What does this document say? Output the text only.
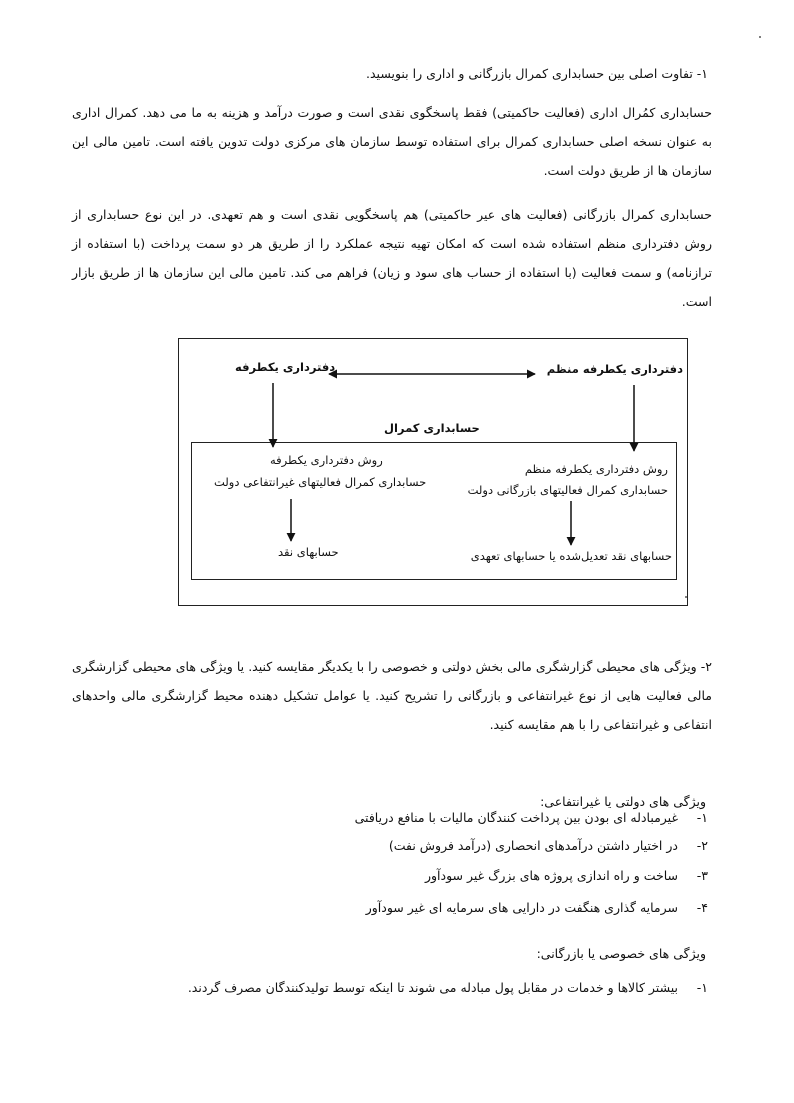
۱- تفاوت اصلی بین حسابداری کمرال بازرگانی و اداری را بنویسید.
حسابداری کمُرال اداری (فعالیت حاکمیتی) فقط پاسخگوی نقدی است و صورت درآمد و هزینه به ما می دهد. کمرال اداری به عنوان نسخه اصلی حسابداری کمرال برای استفاده توسط سازمان های مرکزی دولت تدوین یافته است. تامین مالی این سازمان ها از طریق دولت است.
حسابداری کمرال بازرگانی (فعالیت های عیر حاکمیتی) هم پاسخگویی نقدی است و هم تعهدی. در این نوع حسابداری از روش دفترداری منظم استفاده شده است که امکان تهیه نتیجه عملکرد را از طریق هر دو سمت پرداخت (با استفاده از ترازنامه) و سمت فعالیت (با استفاده از حساب های سود و زیان) فراهم می کند. تامین مالی این سازمان ها از طریق بازار است.
دفترداری یکطرفه منظم
دفترداری یکطرفه
حسابداری کمرال
روش دفترداری یکطرفه منظم
حسابداری کمرال فعالیتهای بازرگانی دولت
روش دفترداری یکطرفه
حسابداری کمرال فعالیتهای غیرانتفاعی دولت
حسابهای نقد تعدیل‌شده یا حسابهای تعهدی
حسابهای نقد
۲- ویژگی های محیطی گزارشگری مالی بخش دولتی و خصوصی را با یکدیگر مقایسه کنید. یا ویژگی های محیطی گزارشگری مالی فعالیت هایی از نوع غیرانتفاعی و بازرگانی را تشریح کنید. یا عوامل تشکیل دهنده محیط گزارشگری مالی واحدهای انتفاعی و غیرانتفاعی را با هم مقایسه کنید.
ویژگی های دولتی یا غیرانتفاعی:
۱-غیرمبادله ای بودن بین پرداخت کنندگان مالیات با منافع دریافتی
۲-در اختیار داشتن درآمدهای انحصاری (درآمد فروش نفت)
۳-ساخت و راه اندازی پروژه های بزرگ غیر سودآور
۴-سرمایه گذاری هنگفت در دارایی های سرمایه ای غیر سودآور
ویژگی های خصوصی یا بازرگانی:
۱-بیشتر کالاها و خدمات در مقابل پول مبادله می شوند تا اینکه توسط تولیدکنندگان مصرف گردند.
